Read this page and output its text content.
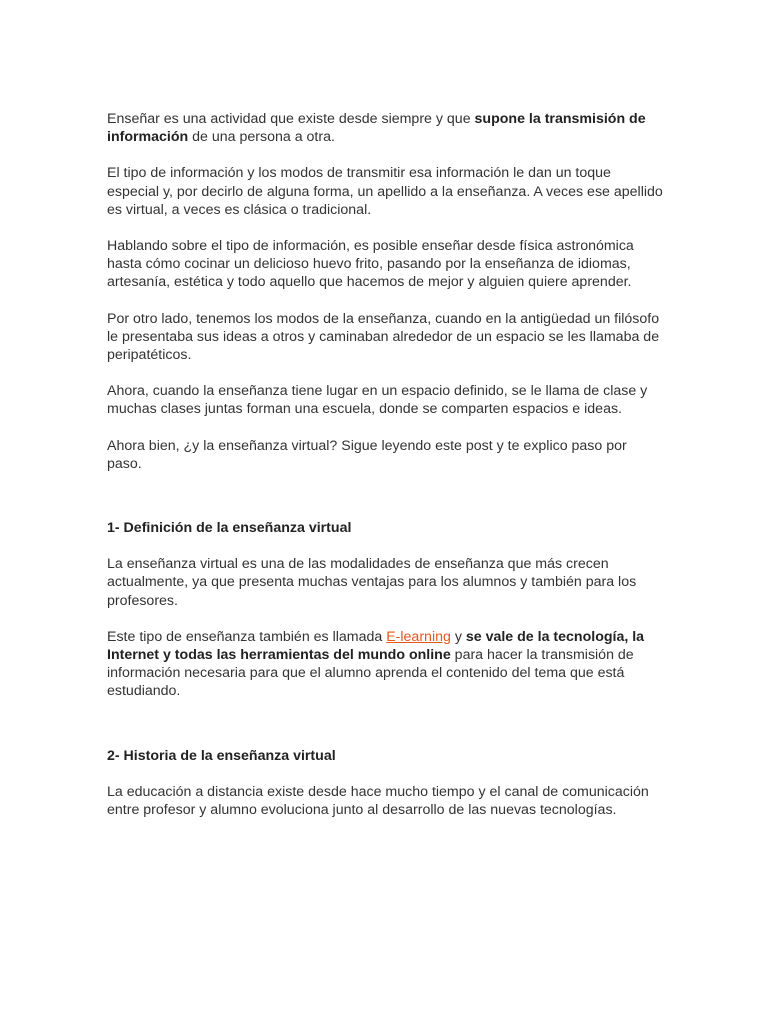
Enseñar es una actividad que existe desde siempre y que supone la transmisión de información de una persona a otra.

El tipo de información y los modos de transmitir esa información le dan un toque especial y, por decirlo de alguna forma, un apellido a la enseñanza. A veces ese apellido es virtual, a veces es clásica o tradicional.

Hablando sobre el tipo de información, es posible enseñar desde física astronómica hasta cómo cocinar un delicioso huevo frito, pasando por la enseñanza de idiomas, artesanía, estética y todo aquello que hacemos de mejor y alguien quiere aprender.

Por otro lado, tenemos los modos de la enseñanza, cuando en la antigüedad un filósofo le presentaba sus ideas a otros y caminaban alrededor de un espacio se les llamaba de peripatéticos.

Ahora, cuando la enseñanza tiene lugar en un espacio definido, se le llama de clase y muchas clases juntas forman una escuela, donde se comparten espacios e ideas.

Ahora bien, ¿y la enseñanza virtual? Sigue leyendo este post y te explico paso por paso.

1- Definición de la enseñanza virtual

La enseñanza virtual es una de las modalidades de enseñanza que más crecen actualmente, ya que presenta muchas ventajas para los alumnos y también para los profesores.

Este tipo de enseñanza también es llamada E-learning y se vale de la tecnología, la Internet y todas las herramientas del mundo online para hacer la transmisión de información necesaria para que el alumno aprenda el contenido del tema que está estudiando.

2- Historia de la enseñanza virtual

La educación a distancia existe desde hace mucho tiempo y el canal de comunicación entre profesor y alumno evoluciona junto al desarrollo de las nuevas tecnologías.
